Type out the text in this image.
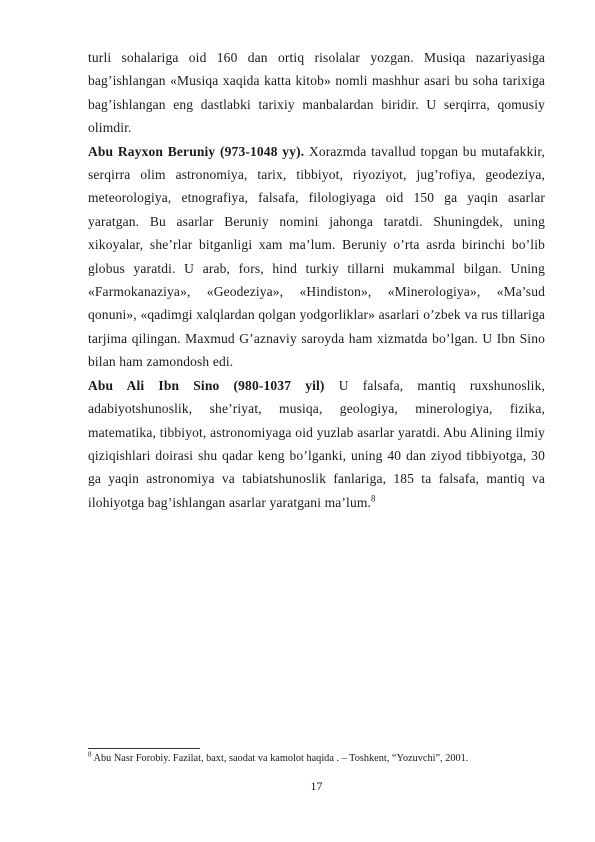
turli sohalariga oid 160 dan ortiq risolalar yozgan. Musiqa nazariyasiga bag’ishlangan «Musiqa xaqida katta kitob» nomli mashhur asari bu soha tarixiga bag’ishlangan eng dastlabki tarixiy manbalardan biridir. U serqirra, qomusiy olimdir.

Abu Rayxon Beruniy (973-1048 yy). Xorazmda tavallud topgan bu mutafakkir, serqirra olim astronomiya, tarix, tibbiyot, riyoziyot, jug’rofiya, geodeziya, meteorologiya, etnografiya, falsafa, filologiyaga oid 150 ga yaqin asarlar yaratgan. Bu asarlar Beruniy nomini jahonga taratdi. Shuningdek, uning xikoyalar, she’rlar bitganligi xam ma’lum. Beruniy o’rta asrda birinchi bo’lib globus yaratdi. U arab, fors, hind turkiy tillarni mukammal bilgan. Uning «Farmokanaziya», «Geodeziya», «Hindiston», «Minerologiya», «Ma’sud qonuni», «qadimgi xalqlardan qolgan yodgorliklar» asarlari o’zbek va rus tillariga tarjima qilingan. Maxmud G’aznaviy saroyda ham xizmatda bo’lgan. U Ibn Sino bilan ham zamondosh edi.

Abu Ali Ibn Sino (980-1037 yil) U falsafa, mantiq ruxshunoslik, adabiyotshunoslik, she’riyat, musiqa, geologiya, minerologiya, fizika, matematika, tibbiyot, astronomiyaga oid yuzlab asarlar yaratdi. Abu Alining ilmiy qiziqishlari doirasi shu qadar keng bo’lganki, uning 40 dan ziyod tibbiyotga, 30 ga yaqin astronomiya va tabiatshunoslik fanlariga, 185 ta falsafa, mantiq va ilohiyotga bag’ishlangan asarlar yaratgani ma’lum.$^8$

$^8$ Abu Nasr Forobiy. Fazilat, baxt, saodat va kamolot haqida . – Toshkent, “Yozuvchi”, 2001.
17
